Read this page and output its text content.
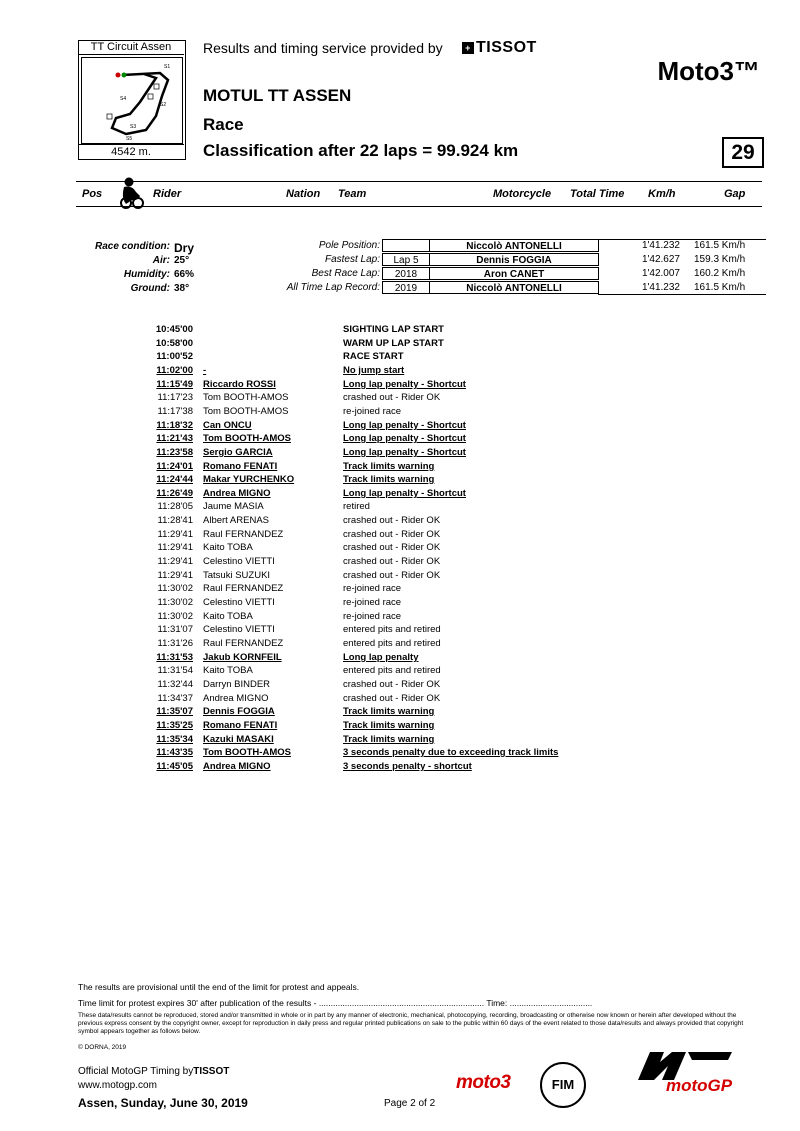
TT Circuit Assen
S1
S2
S3
S4
S5
4542 m.
Results and timing service provided by	+ TISSOT
Moto3™
MOTUL TT ASSEN
Race
Classification after 22 laps = 99.924 km	29
Pos	Rider	Nation Team	Motorcycle Total Time Km/h	Gap
Race condition: Dry
Air: 25°
Humidity: 66%
Ground: 38°
Pole Position:	Niccolò ANTONELLI	1'41.232 161.5 Km/h
Fastest Lap:	Lap 5	Dennis FOGGIA	1'42.627 159.3 Km/h
Best Race Lap:	2018	Aron CANET	1'42.007 160.2 Km/h
All Time Lap Record:	2019	Niccolò ANTONELLI	1'41.232 161.5 Km/h
10:45'00	SIGHTING LAP START
10:58'00	WARM UP LAP START
11:00'52	RACE START
11:02'00 -	No jump start
11:15'49 Riccardo ROSSI	Long lap penalty - Shortcut
11:17'23 Tom BOOTH-AMOS	crashed out - Rider OK
11:17'38 Tom BOOTH-AMOS	re-joined race
11:18'32 Can ONCU	Long lap penalty - Shortcut
11:21'43 Tom BOOTH-AMOS	Long lap penalty - Shortcut
11:23'58 Sergio GARCIA	Long lap penalty - Shortcut
11:24'01 Romano FENATI	Track limits warning
11:24'44 Makar YURCHENKO	Track limits warning
11:26'49 Andrea MIGNO	Long lap penalty - Shortcut
11:28'05 Jaume MASIA	retired
11:28'41 Albert ARENAS	crashed out - Rider OK
11:29'41 Raul FERNANDEZ	crashed out - Rider OK
11:29'41 Kaito TOBA	crashed out - Rider OK
11:29'41 Celestino VIETTI	crashed out - Rider OK
11:29'41 Tatsuki SUZUKI	crashed out - Rider OK
11:30'02 Raul FERNANDEZ	re-joined race
11:30'02 Celestino VIETTI	re-joined race
11:30'02 Kaito TOBA	re-joined race
11:31'07 Celestino VIETTI	entered pits and retired
11:31'26 Raul FERNANDEZ	entered pits and retired
11:31'53 Jakub KORNFEIL	Long lap penalty
11:31'54 Kaito TOBA	entered pits and retired
11:32'44 Darryn BINDER	crashed out - Rider OK
11:34'37 Andrea MIGNO	crashed out - Rider OK
11:35'07 Dennis FOGGIA	Track limits warning
11:35'25 Romano FENATI	Track limits warning
11:35'34 Kazuki MASAKI	Track limits warning
11:43'35 Tom BOOTH-AMOS	3 seconds penalty due to exceeding track limits
11:45'05 Andrea MIGNO	3 seconds penalty - shortcut
The results are provisional until the end of the limit for protest and appeals.
Time limit for protest expires 30' after publication of the results - ...................................................................... Time: ...................................
These data/results cannot be reproduced, stored and/or transmitted in whole or in part by any manner of electronic, mechanical, photocopying, recording, broadcasting or otherwise now known or herein after developed without the previous express consent by the copyright owner, except for reproduction in daily press and regular printed publications on sale to the public within 60 days of the event related to those data/results and always provided that copyright symbol appears together as follows below.
© DORNA, 2019
Official MotoGP Timing byTISSOT
www.motogp.com
Assen, Sunday, June 30, 2019	Page 2 of 2
moto3	FIM	motoGP
